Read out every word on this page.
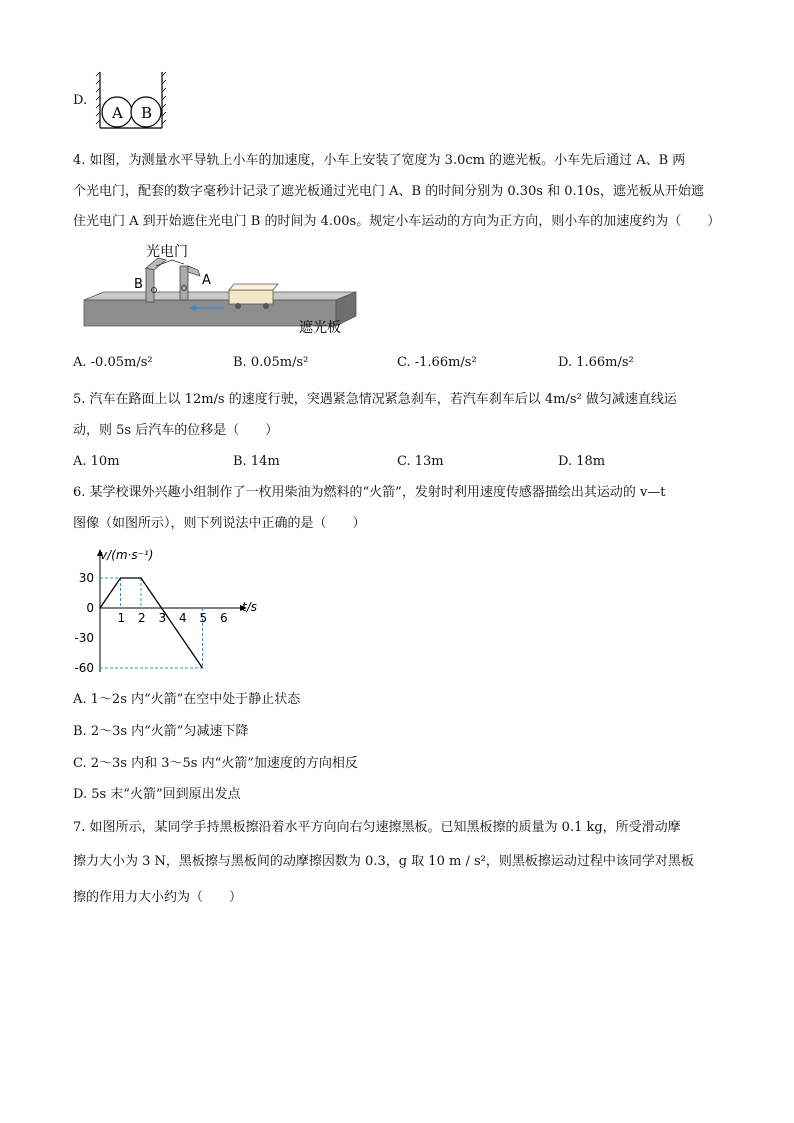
D.
A B
4. 如图，为测量水平导轨上小车的加速度，小车上安装了宽度为 3.0cm 的遮光板。小车先后通过 A、B 两
个光电门，配套的数字毫秒计记录了遮光板通过光电门 A、B 的时间分别为 0.30s 和 0.10s，遮光板从开始遮
住光电门 A 到开始遮住光电门 B 的时间为 4.00s。规定小车运动的方向为正方向，则小车的加速度约为（　　）
光电门
B	A
遮光板
A. -0.05m/s²	B. 0.05m/s²	C. -1.66m/s²	D. 1.66m/s²
5. 汽车在路面上以 12m/s 的速度行驶，突遇紧急情况紧急刹车，若汽车刹车后以 4m/s² 做匀减速直线运
动，则 5s 后汽车的位移是（　　）
A. 10m	B. 14m	C. 13m	D. 18m
6. 某学校课外兴趣小组制作了一枚用柴油为燃料的“火箭”，发射时利用速度传感器描绘出其运动的 v—t
图像（如图所示），则下列说法中正确的是（　　）
1 2 3 4 5 6
30
0
-30
-60
v/(m·s⁻¹)
t/s
A. 1～2s 内“火箭”在空中处于静止状态
B. 2～3s 内“火箭”匀减速下降
C. 2～3s 内和 3～5s 内“火箭”加速度的方向相反
D. 5s 末“火箭”回到原出发点
7. 如图所示，某同学手持黑板擦沿着水平方向向右匀速擦黑板。已知黑板擦的质量为 0.1 kg，所受滑动摩
擦力大小为 3 N，黑板擦与黑板间的动摩擦因数为 0.3，g 取 10 m / s²，则黑板擦运动过程中该同学对黑板
擦的作用力大小约为（　　）
